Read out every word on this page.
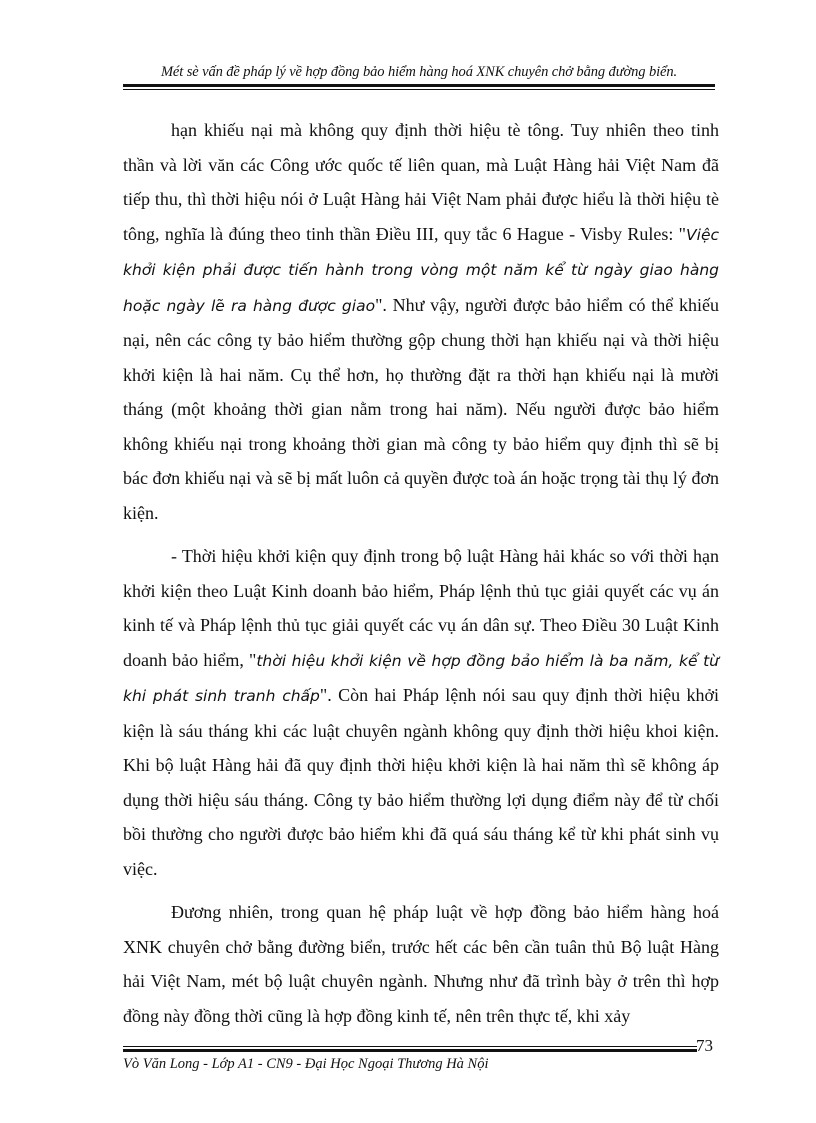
Mét sè vấn đề pháp lý về hợp đồng bảo hiểm hàng hoá XNK chuyên chở bằng đường biển.

hạn khiếu nại mà không quy định thời hiệu tè tông. Tuy nhiên theo tinh thần và lời văn các Công ước quốc tế liên quan, mà Luật Hàng hải Việt Nam đã tiếp thu, thì thời hiệu nói ở Luật Hàng hải Việt Nam phải được hiểu là thời hiệu tè tông, nghĩa là đúng theo tinh thần Điều III, quy tắc 6 Hague - Visby Rules: "Việc khởi kiện phải được tiến hành trong vòng một năm kể từ ngày giao hàng hoặc ngày lẽ ra hàng được giao". Như vậy, người được bảo hiểm có thể khiếu nại, nên các công ty bảo hiểm thường gộp chung thời hạn khiếu nại và thời hiệu khởi kiện là hai năm. Cụ thể hơn, họ thường đặt ra thời hạn khiếu nại là mười tháng (một khoảng thời gian nằm trong hai năm). Nếu người được bảo hiểm không khiếu nại trong khoảng thời gian mà công ty bảo hiểm quy định thì sẽ bị bác đơn khiếu nại và sẽ bị mất luôn cả quyền được toà án hoặc trọng tài thụ lý đơn kiện.

- Thời hiệu khởi kiện quy định trong bộ luật Hàng hải khác so với thời hạn khởi kiện theo Luật Kinh doanh bảo hiểm, Pháp lệnh thủ tục giải quyết các vụ án kinh tế và Pháp lệnh thủ tục giải quyết các vụ án dân sự. Theo Điều 30 Luật Kinh doanh bảo hiểm, "thời hiệu khởi kiện về hợp đồng bảo hiểm là ba năm, kể từ khi phát sinh tranh chấp". Còn hai Pháp lệnh nói sau quy định thời hiệu khởi kiện là sáu tháng khi các luật chuyên ngành không quy định thời hiệu khoi kiện. Khi bộ luật Hàng hải đã quy định thời hiệu khởi kiện là hai năm thì sẽ không áp dụng thời hiệu sáu tháng. Công ty bảo hiểm thường lợi dụng điểm này để từ chối bồi thường cho người được bảo hiểm khi đã quá sáu tháng kể từ khi phát sinh vụ việc.

Đương nhiên, trong quan hệ pháp luật về hợp đồng bảo hiểm hàng hoá XNK chuyên chở bằng đường biển, trước hết các bên cần tuân thủ Bộ luật Hàng hải Việt Nam, mét bộ luật chuyên ngành. Nhưng như đã trình bày ở trên thì hợp đồng này đồng thời cũng là hợp đồng kinh tế, nên trên thực tế, khi xảy

73
Vò Văn Long - Lớp A1 - CN9 - Đại Học Ngoại Thương Hà Nội
